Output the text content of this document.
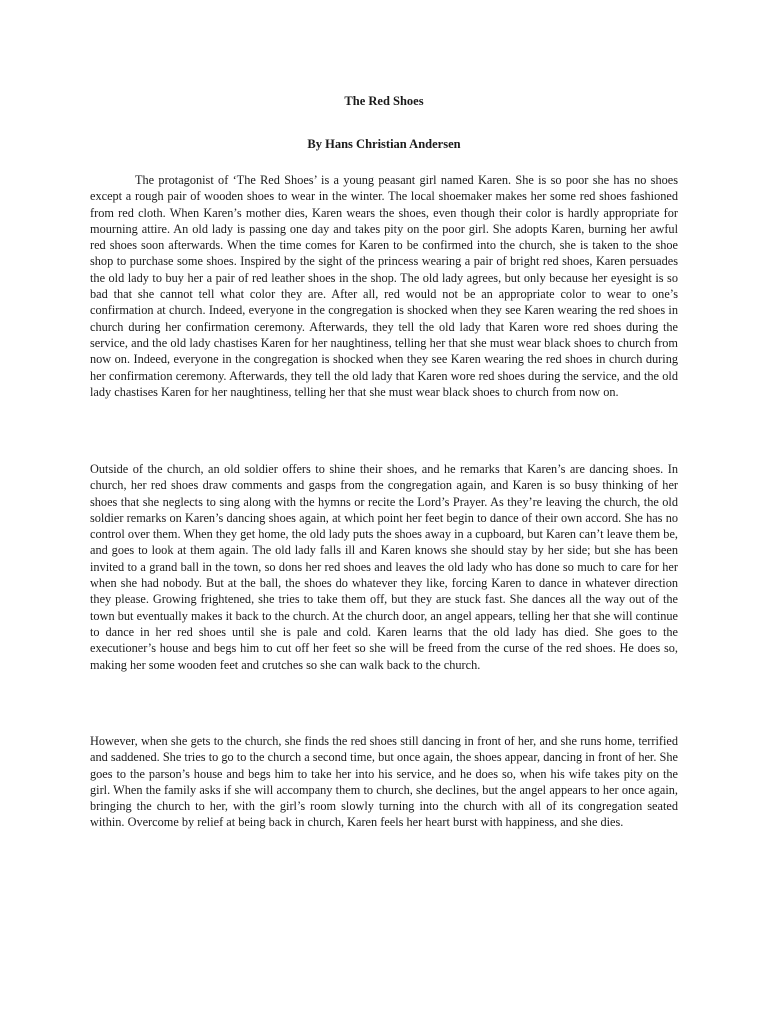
The Red Shoes
By Hans Christian Andersen

The protagonist of ‘The Red Shoes’ is a young peasant girl named Karen. She is so poor she has no shoes except a rough pair of wooden shoes to wear in the winter. The local shoemaker makes her some red shoes fashioned from red cloth. When Karen’s mother dies, Karen wears the shoes, even though their color is hardly appropriate for mourning attire. An old lady is passing one day and takes pity on the poor girl. She adopts Karen, burning her awful red shoes soon afterwards. When the time comes for Karen to be confirmed into the church, she is taken to the shoe shop to purchase some shoes. Inspired by the sight of the princess wearing a pair of bright red shoes, Karen persuades the old lady to buy her a pair of red leather shoes in the shop. The old lady agrees, but only because her eyesight is so bad that she cannot tell what color they are. After all, red would not be an appropriate color to wear to one’s confirmation at church. Indeed, everyone in the congregation is shocked when they see Karen wearing the red shoes in church during her confirmation ceremony. Afterwards, they tell the old lady that Karen wore red shoes during the service, and the old lady chastises Karen for her naughtiness, telling her that she must wear black shoes to church from now on. Indeed, everyone in the congregation is shocked when they see Karen wearing the red shoes in church during her confirmation ceremony. Afterwards, they tell the old lady that Karen wore red shoes during the service, and the old lady chastises Karen for her naughtiness, telling her that she must wear black shoes to church from now on.

Outside of the church, an old soldier offers to shine their shoes, and he remarks that Karen’s are dancing shoes. In church, her red shoes draw comments and gasps from the congregation again, and Karen is so busy thinking of her shoes that she neglects to sing along with the hymns or recite the Lord’s Prayer. As they’re leaving the church, the old soldier remarks on Karen’s dancing shoes again, at which point her feet begin to dance of their own accord. She has no control over them. When they get home, the old lady puts the shoes away in a cupboard, but Karen can’t leave them be, and goes to look at them again. The old lady falls ill and Karen knows she should stay by her side; but she has been invited to a grand ball in the town, so dons her red shoes and leaves the old lady who has done so much to care for her when she had nobody. But at the ball, the shoes do whatever they like, forcing Karen to dance in whatever direction they please. Growing frightened, she tries to take them off, but they are stuck fast. She dances all the way out of the town but eventually makes it back to the church. At the church door, an angel appears, telling her that she will continue to dance in her red shoes until she is pale and cold. Karen learns that the old lady has died. She goes to the executioner’s house and begs him to cut off her feet so she will be freed from the curse of the red shoes. He does so, making her some wooden feet and crutches so she can walk back to the church.

However, when she gets to the church, she finds the red shoes still dancing in front of her, and she runs home, terrified and saddened. She tries to go to the church a second time, but once again, the shoes appear, dancing in front of her. She goes to the parson’s house and begs him to take her into his service, and he does so, when his wife takes pity on the girl. When the family asks if she will accompany them to church, she declines, but the angel appears to her once again, bringing the church to her, with the girl’s room slowly turning into the church with all of its congregation seated within. Overcome by relief at being back in church, Karen feels her heart burst with happiness, and she dies.
